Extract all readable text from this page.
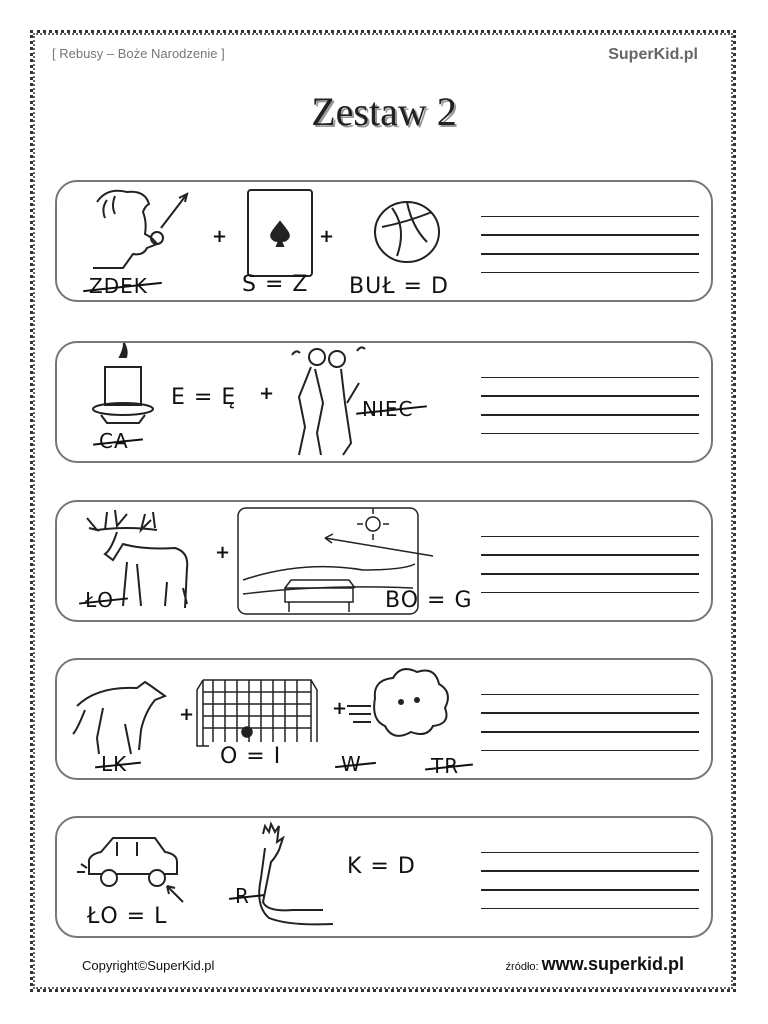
[ Rebusy – Boże Narodzenie ]	SuperKid.pl
Zestaw 2
ZDEK
+
S = Z
+
BUŁ = D
CA
E = Ę +
NIEC
ŁO
+
BO = G
LK
+
O = I
+
W	TR
ŁO = L
R
K = D
Copyright©SuperKid.pl	źródło: www.superkid.pl
